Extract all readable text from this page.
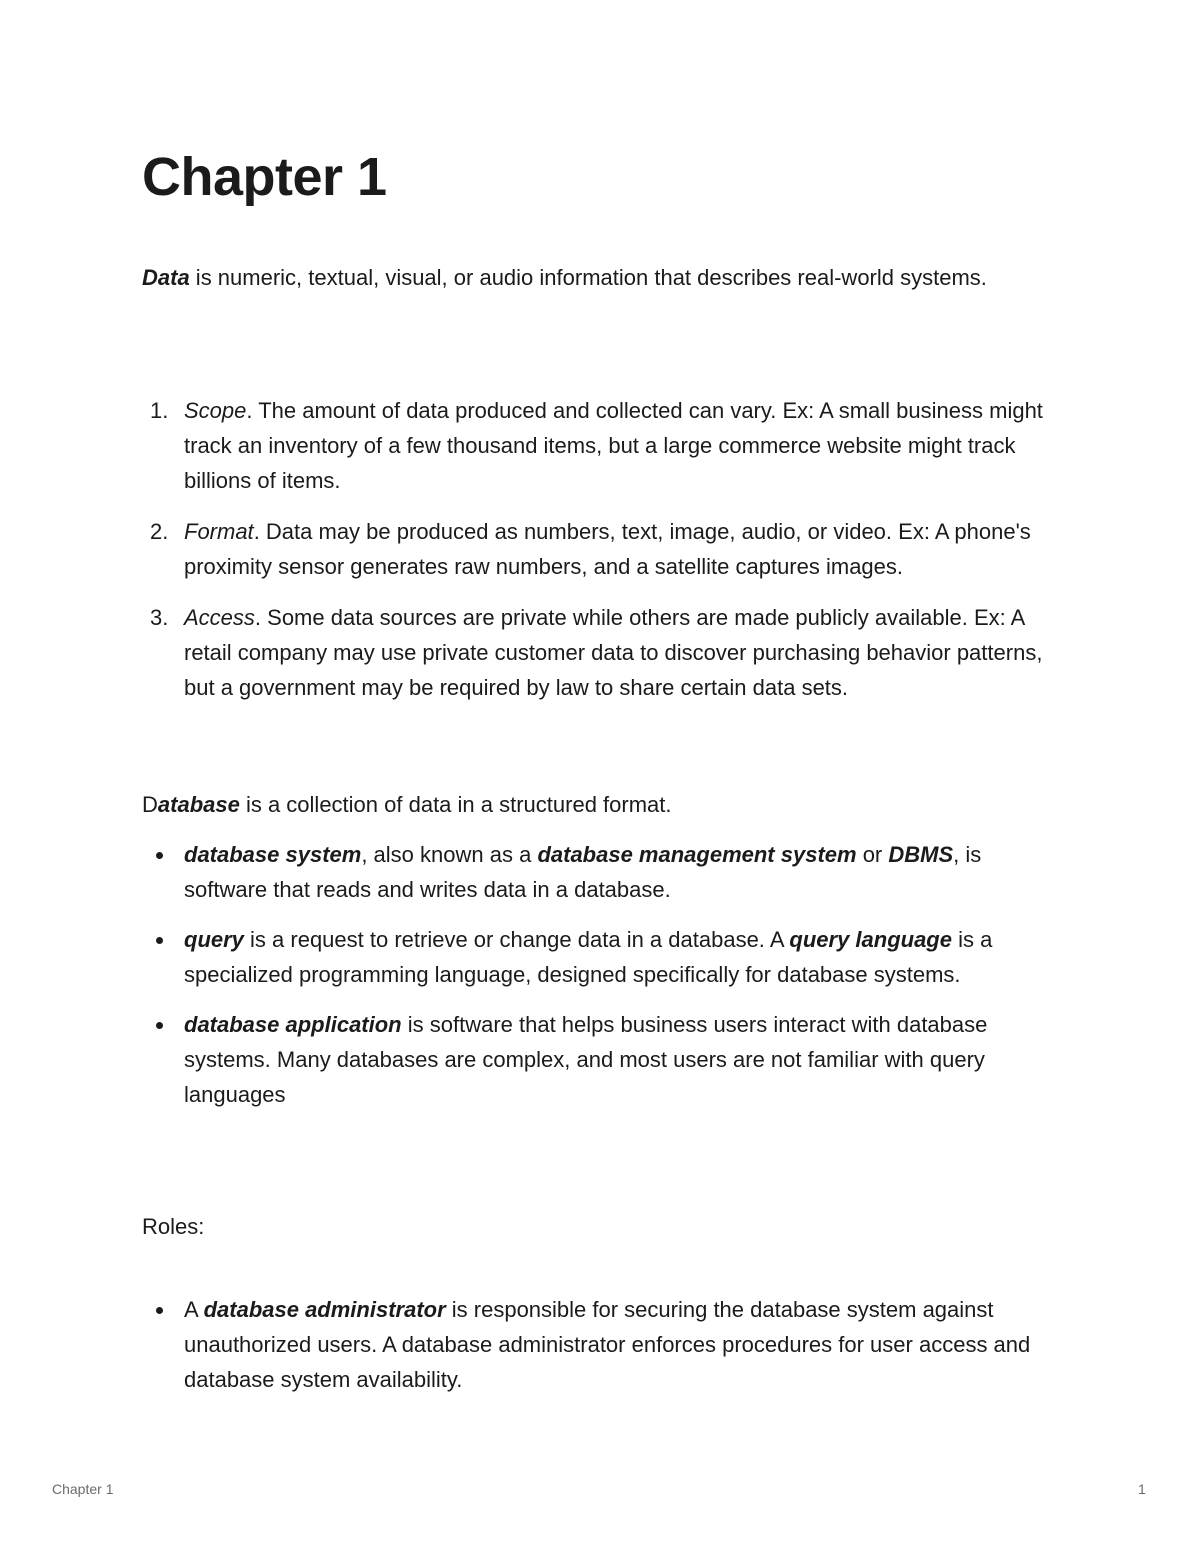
Chapter 1

Data is numeric, textual, visual, or audio information that describes real-world systems.

1. Scope. The amount of data produced and collected can vary. Ex: A small business might track an inventory of a few thousand items, but a large commerce website might track billions of items.
2. Format. Data may be produced as numbers, text, image, audio, or video. Ex: A phone's proximity sensor generates raw numbers, and a satellite captures images.
3. Access. Some data sources are private while others are made publicly available. Ex: A retail company may use private customer data to discover purchasing behavior patterns, but a government may be required by law to share certain data sets.

Database is a collection of data in a structured format.

database system, also known as a database management system or DBMS, is software that reads and writes data in a database.
query is a request to retrieve or change data in a database. A query language is a specialized programming language, designed specifically for database systems.
database application is software that helps business users interact with database systems. Many databases are complex, and most users are not familiar with query languages

Roles:

A database administrator is responsible for securing the database system against unauthorized users. A database administrator enforces procedures for user access and database system availability.
Chapter 1	1
